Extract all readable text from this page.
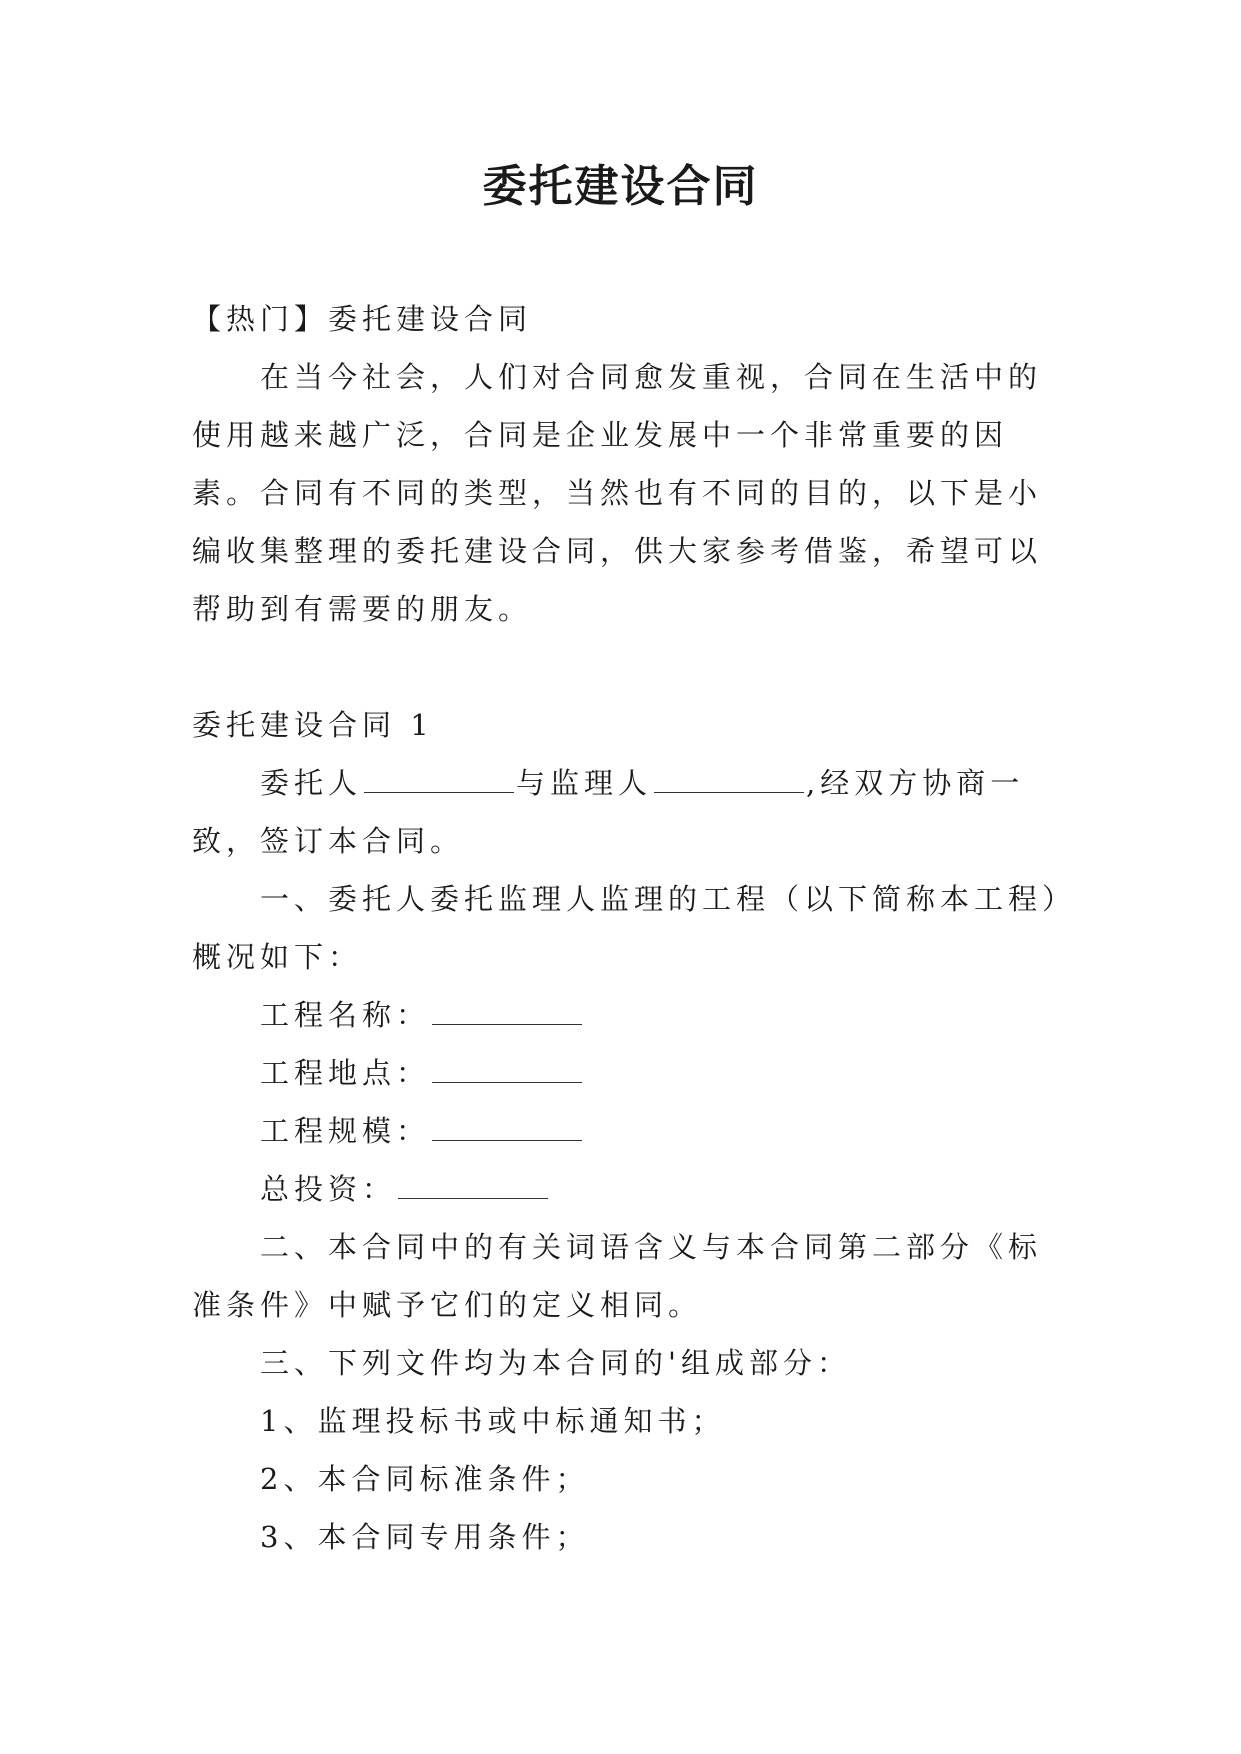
委托建设合同

【热门】委托建设合同

在当今社会，人们对合同愈发重视，合同在生活中的使用越来越广泛，合同是企业发展中一个非常重要的因素。合同有不同的类型，当然也有不同的目的，以下是小编收集整理的委托建设合同，供大家参考借鉴，希望可以帮助到有需要的朋友。

委托建设合同 1

委托人	与监理人	,经双方协商一致，签订本合同。

一、委托人委托监理人监理的工程（以下简称本工程）概况如下：

工程名称：

工程地点：

工程规模：

总投资：

二、本合同中的有关词语含义与本合同第二部分《标准条件》中赋予它们的定义相同。

三、下列文件均为本合同的'组成部分：

1、监理投标书或中标通知书；

2、本合同标准条件；

3、本合同专用条件；
